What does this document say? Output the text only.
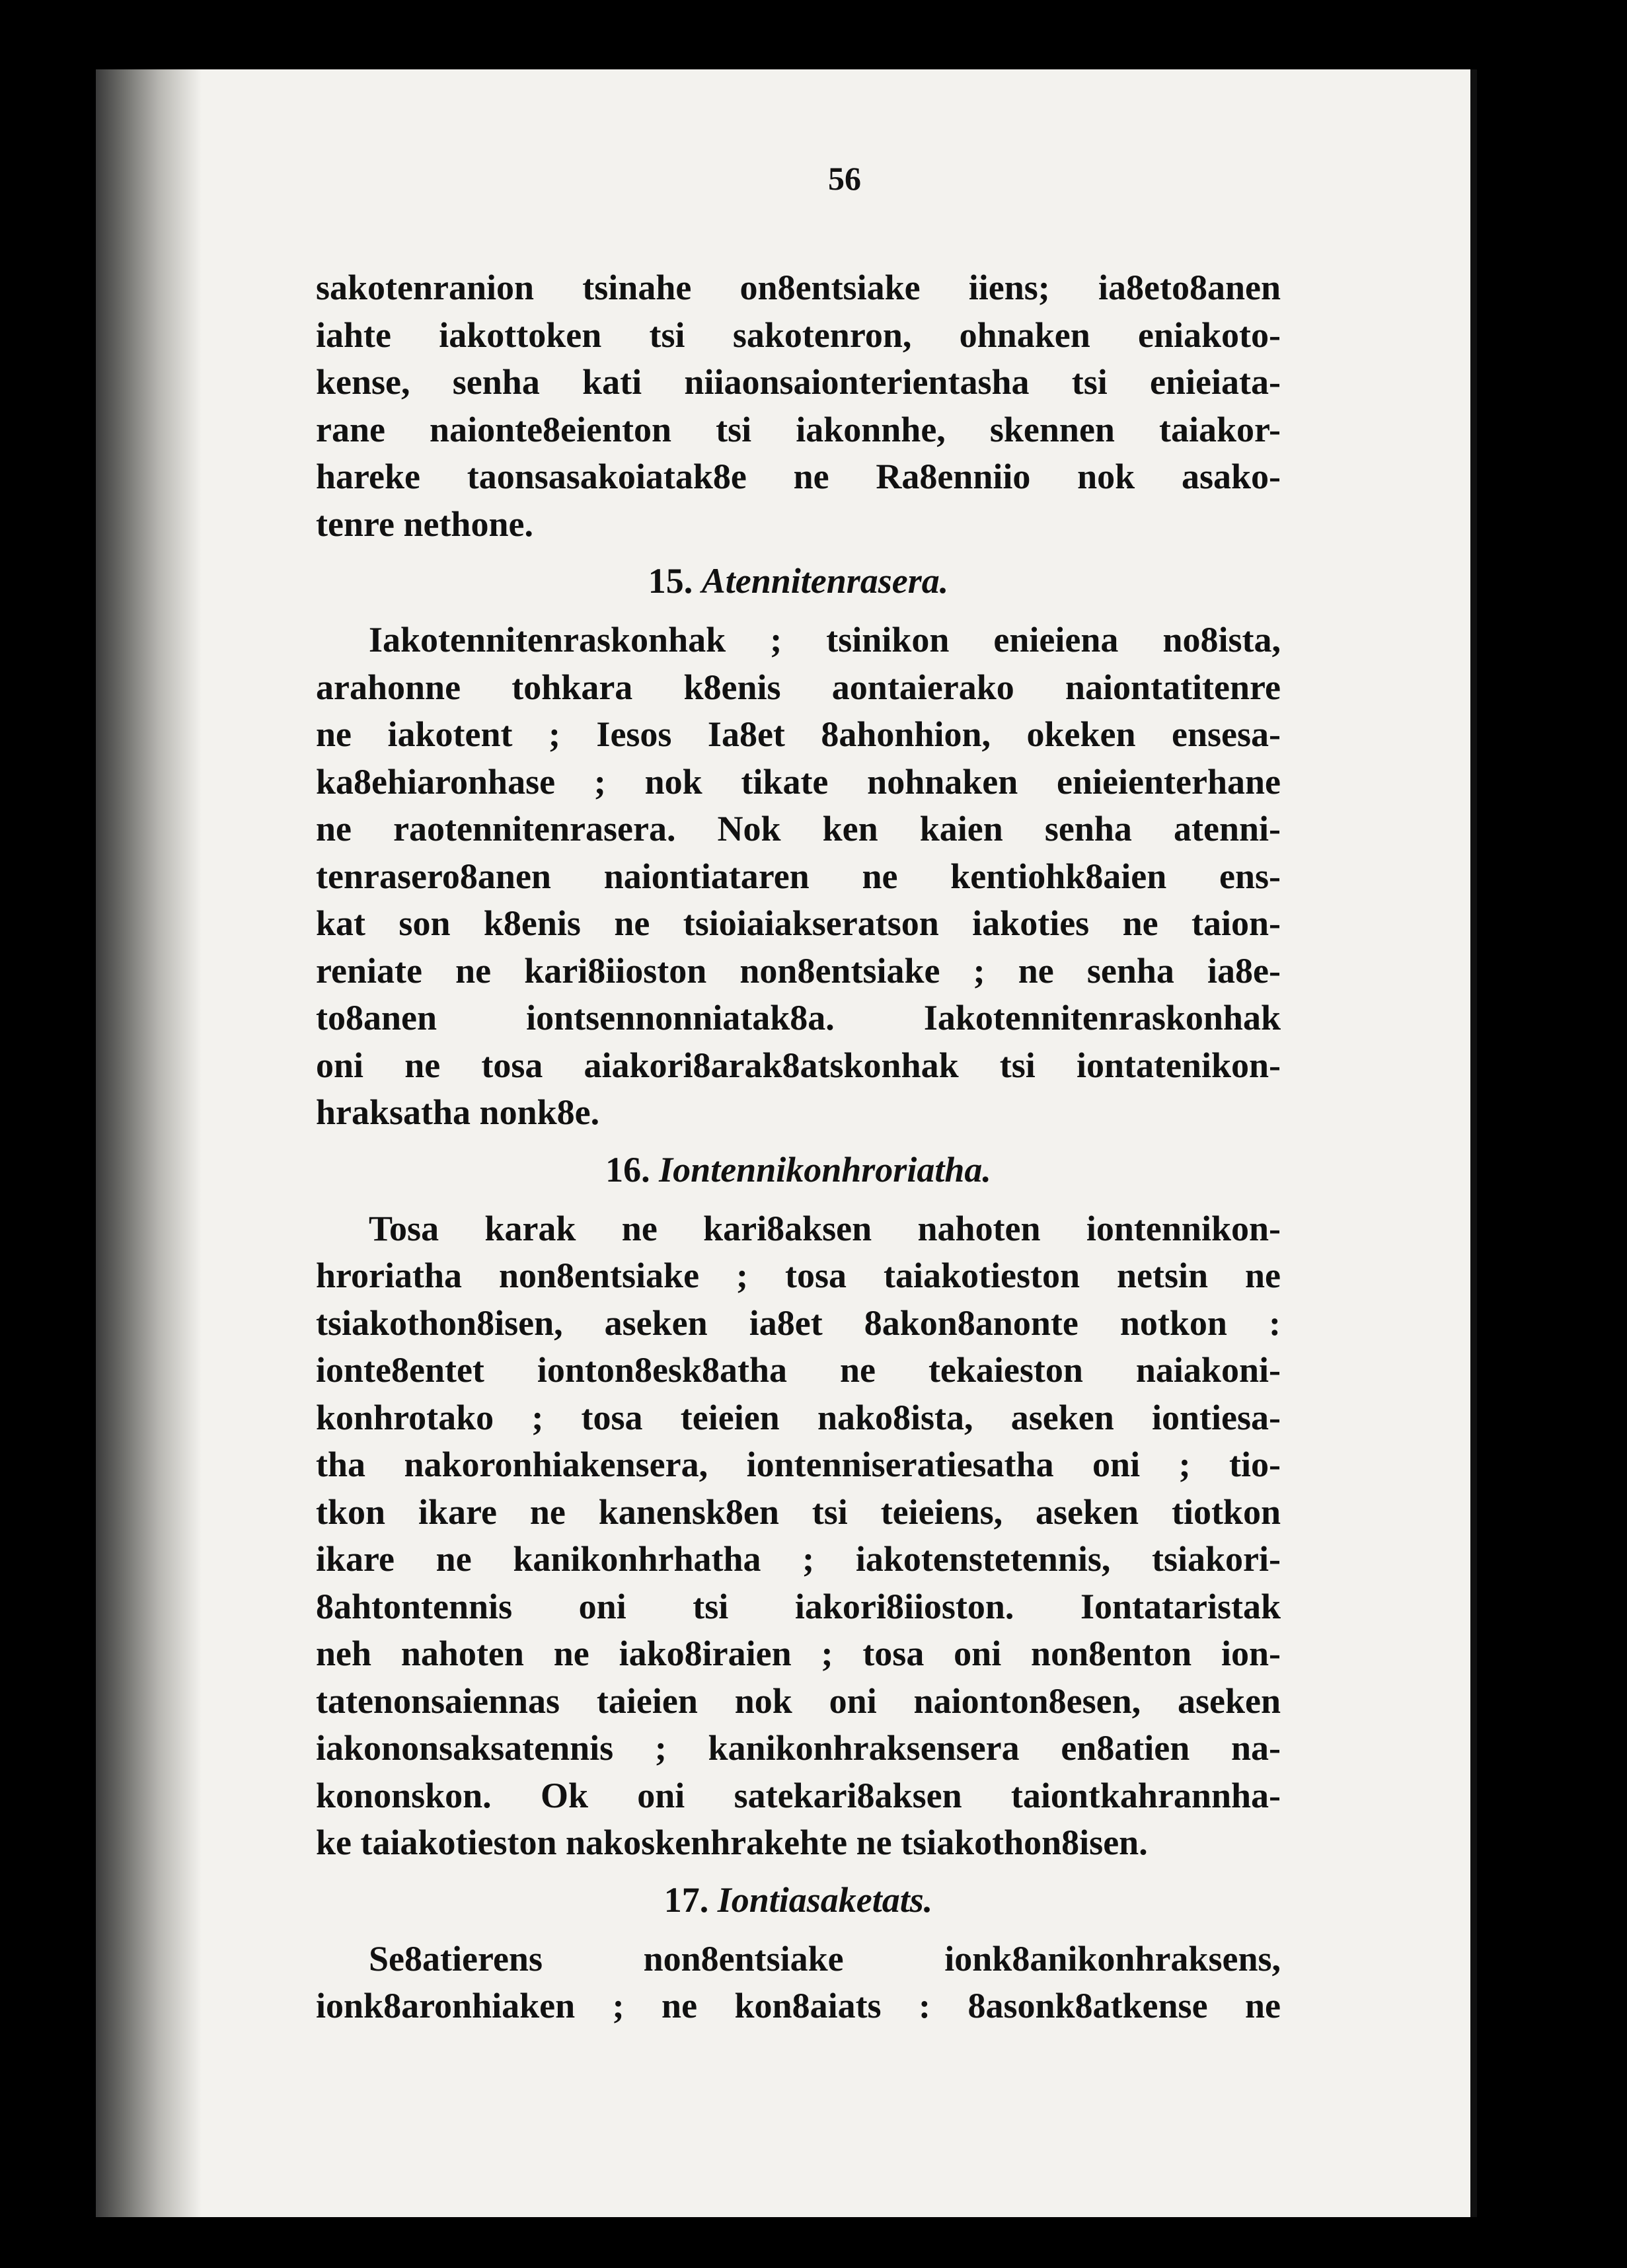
56

sakotenranion tsinahe on8entsiake iiens; ia8eto8anen
iahte iakottoken tsi sakotenron, ohnaken eniakoto-
kense, senha kati niiaonsaionterientasha tsi enieiata-
rane naionte8eienton tsi iakonnhe, skennen taiakor-
hareke taonsasakoiatak8e ne Ra8enniio nok asako-
tenre nethone.

15. Atennitenrasera.

Iakotennitenraskonhak ; tsinikon enieiena no8ista,
arahonne tohkara k8enis aontaierako naiontatitenre
ne iakotent ; Iesos Ia8et 8ahonhion, okeken ensesa-
ka8ehiaronhase ; nok tikate nohnaken enieienterhane
ne raotennitenrasera. Nok ken kaien senha atenni-
tenrasero8anen naiontiataren ne kentiohk8aien ens-
kat son k8enis ne tsioiaiakseratson iakoties ne taion-
reniate ne kari8iioston non8entsiake ; ne senha ia8e-
to8anen iontsennonniatak8a. Iakotennitenraskonhak
oni ne tosa aiakori8arak8atskonhak tsi iontatenikon-
hraksatha nonk8e.

16. Iontennikonhroriatha.

Tosa karak ne kari8aksen nahoten iontennikon-
hroriatha non8entsiake ; tosa taiakotieston netsin ne
tsiakothon8isen, aseken ia8et 8akon8anonte notkon :
ionte8entet ionton8esk8atha ne tekaieston naiakoni-
konhrotako ; tosa teieien nako8ista, aseken iontiesa-
tha nakoronhiakensera, iontenniseratiesatha oni ; tio-
tkon ikare ne kanensk8en tsi teieiens, aseken tiotkon
ikare ne kanikonhrhatha ; iakotenstetennis, tsiakori-
8ahtontennis oni tsi iakori8iioston. Iontataristak
neh nahoten ne iako8iraien ; tosa oni non8enton ion-
tatenonsaiennas taieien nok oni naionton8esen, aseken
iakononsaksatennis ; kanikonhraksensera en8atien na-
kononskon. Ok oni satekari8aksen taiontkahrannha-
ke taiakotieston nakoskenhrakehte ne tsiakothon8isen.

17. Iontiasaketats.

Se8atierens non8entsiake ionk8anikonhraksens,
ionk8aronhiaken ; ne kon8aiats : 8asonk8atkense ne
